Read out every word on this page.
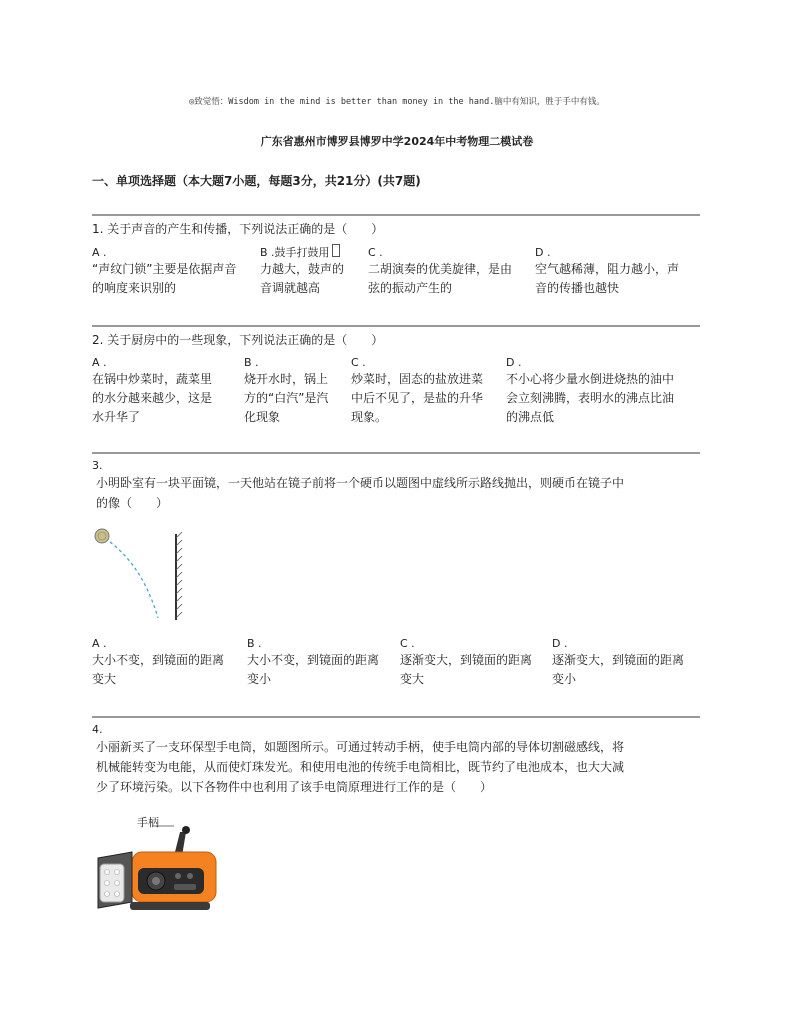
◎致觉悟：Wisdom in the mind is better than money in the hand.脑中有知识，胜于手中有钱。
广东省惠州市博罗县博罗中学2024年中考物理二模试卷
一、单项选择题（本大题7小题，每题3分，共21分）(共7题)
1. 关于声音的产生和传播，下列说法正确的是（　　）
A .
“声纹门锁”主要是依据声音
的响度来识别的
B .鼓手打鼓用
力越大，鼓声的
音调就越高
C .
二胡演奏的优美旋律，是由
弦的振动产生的
D .
空气越稀薄，阻力越小，声
音的传播也越快
2. 关于厨房中的一些现象，下列说法正确的是（　　）
A .
在锅中炒菜时，蔬菜里
的水分越来越少，这是
水升华了
B .
烧开水时，锅上
方的“白汽”是汽
化现象
C .
炒菜时，固态的盐放进菜
中后不见了，是盐的升华
现象。
D .
不小心将少量水倒进烧热的油中
会立刻沸腾，表明水的沸点比油
的沸点低
3.
小明卧室有一块平面镜，一天他站在镜子前将一个硬币以题图中虚线所示路线抛出，则硬币在镜子中
的像（　　）
A .
大小不变，到镜面的距离
变大
B .
大小不变，到镜面的距离
变小
C .
逐渐变大，到镜面的距离
变大
D .
逐渐变大，到镜面的距离
变小
4.
小丽新买了一支环保型手电筒，如题图所示。可通过转动手柄，使手电筒内部的导体切割磁感线，将
机械能转变为电能，从而使灯珠发光。和使用电池的传统手电筒相比，既节约了电池成本，也大大减
少了环境污染。以下各物件中也利用了该手电筒原理进行工作的是（　　）
手柄
